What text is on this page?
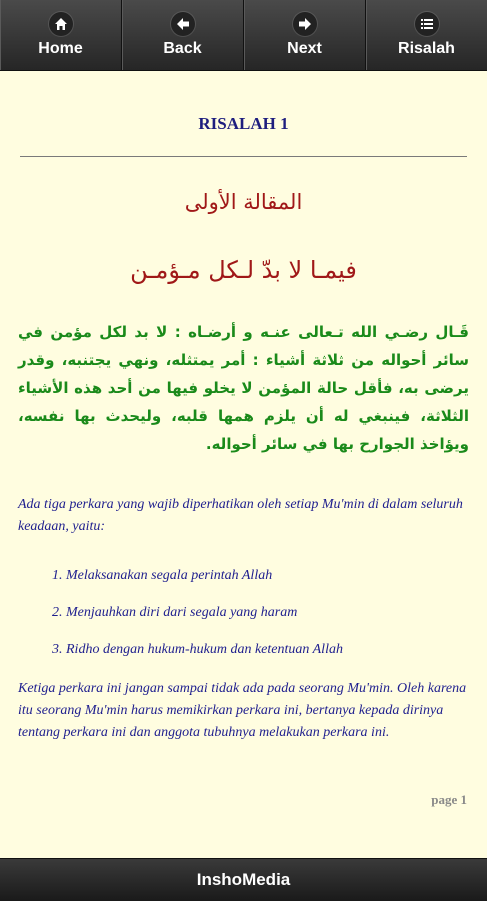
Home	Back	Next	Risalah
RISALAH 1
المقالة الأولى
فيمـا لا بدّ لـكل مـؤمـن
قَـال رضـي الله تـعالى عنـه و أرضـاه : لا بد لكل مؤمن في سائر أحواله من ثلاثة أشياء : أمر يمتثله، ونهي يجتنبه، وقدر يرضى به، فأقل حالة المؤمن لا يخلو فيها من أحد هذه الأشياء الثلاثة، فينبغي له أن يلزم همها قلبه، وليحدث بها نفسه، ويؤاخذ الجوارح بها في سائر أحواله.
Ada tiga perkara yang wajib diperhatikan oleh setiap Mu'min di dalam seluruh keadaan, yaitu:
1. Melaksanakan segala perintah Allah
2. Menjauhkan diri dari segala yang haram
3. Ridho dengan hukum-hukum dan ketentuan Allah
Ketiga perkara ini jangan sampai tidak ada pada seorang Mu'min. Oleh karena itu seorang Mu'min harus memikirkan perkara ini, bertanya kepada dirinya tentang perkara ini dan anggota tubuhnya melakukan perkara ini.
page 1
InshoMedia
